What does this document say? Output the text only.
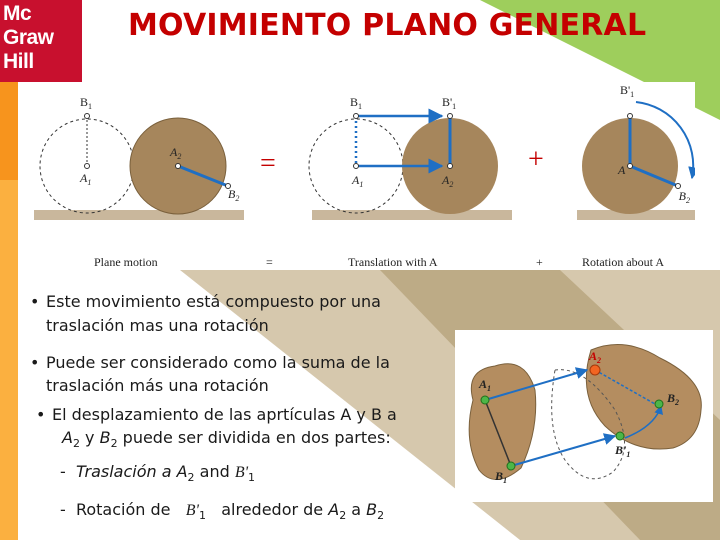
Mc
Graw
Hill
MOVIMIENTO PLANO GENERAL
$B_1$
$A_2$
$A_1$
$B_2$
=
$B_1$	$B'_1$
$A_1$	$A_2$
+
$B'_1$
A
$B_2$
Plane motion	=	Translation with A	+	Rotation about A
• Este movimiento está compuesto por una
traslación mas una rotación
• Puede ser considerado como la suma de la
traslación más una rotación
• El desplazamiento de las aprtículas A y B a
$A_2$ y $B_2$ puede ser dividida en dos partes:
- Traslación a $A_2$ and $B'_1$
- Rotación de $B'_1$ alrededor de $A_2$ a $B_2$
$A_2$
$A_1$
$B_2$
$B'_1$
$B_1$
